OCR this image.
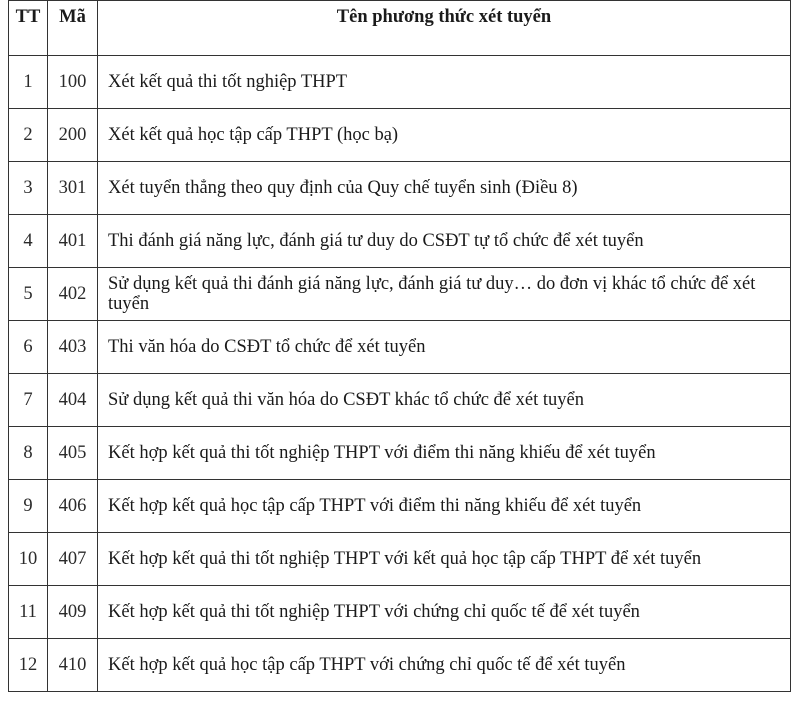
TT	Mã	Tên phương thức xét tuyển
1	100	Xét kết quả thi tốt nghiệp THPT
2	200	Xét kết quả học tập cấp THPT (học bạ)
3	301	Xét tuyển thẳng theo quy định của Quy chế tuyển sinh (Điều 8)
4	401	Thi đánh giá năng lực, đánh giá tư duy do CSĐT tự tổ chức để xét tuyển
5	402	Sử dụng kết quả thi đánh giá năng lực, đánh giá tư duy… do đơn vị khác tổ chức để xét tuyển
6	403	Thi văn hóa do CSĐT tổ chức để xét tuyển
7	404	Sử dụng kết quả thi văn hóa do CSĐT khác tổ chức để xét tuyển
8	405	Kết hợp kết quả thi tốt nghiệp THPT với điểm thi năng khiếu để xét tuyển
9	406	Kết hợp kết quả học tập cấp THPT với điểm thi năng khiếu để xét tuyển
10	407	Kết hợp kết quả thi tốt nghiệp THPT với kết quả học tập cấp THPT để xét tuyển
11	409	Kết hợp kết quả thi tốt nghiệp THPT với chứng chỉ quốc tế để xét tuyển
12	410	Kết hợp kết quả học tập cấp THPT với chứng chỉ quốc tế để xét tuyển
